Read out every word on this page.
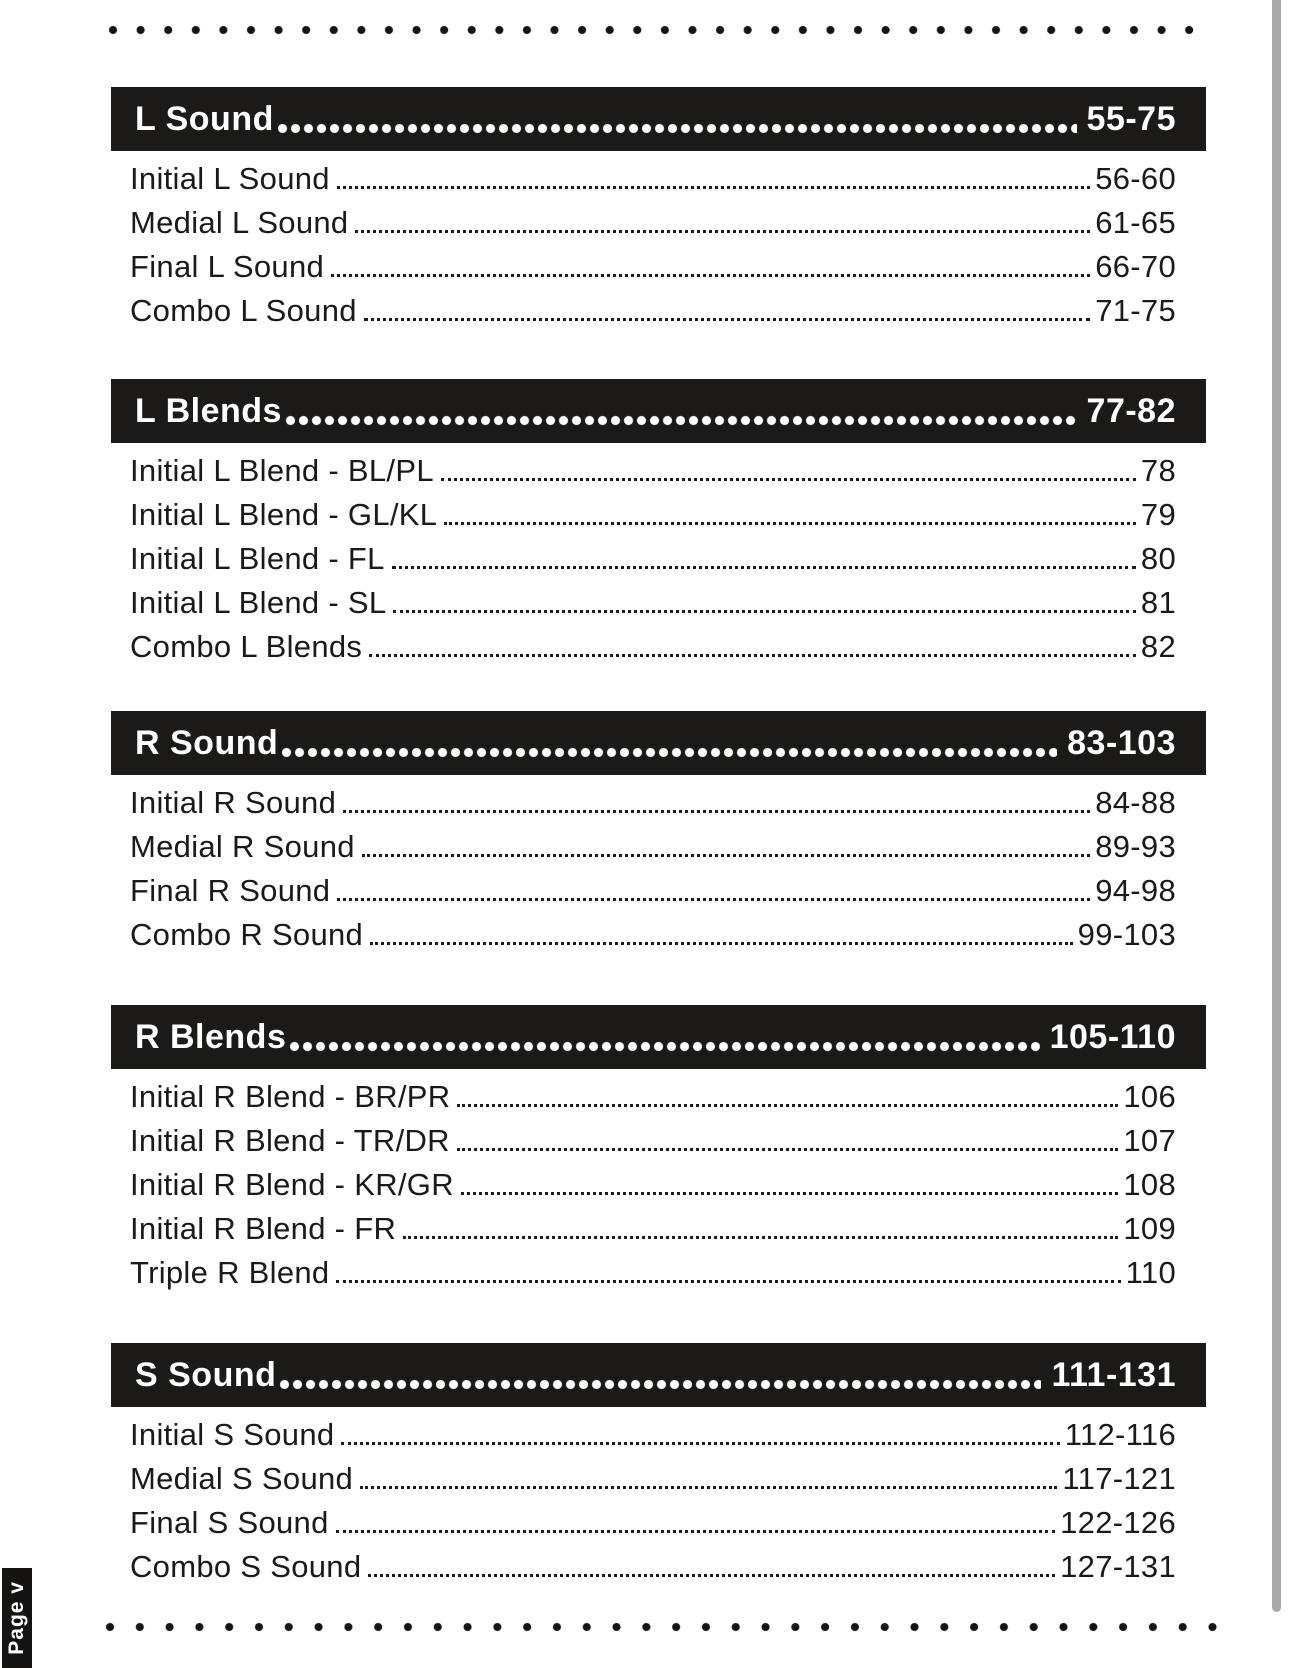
L Sound	55-75
Initial L Sound	56-60
Medial L Sound	61-65
Final L Sound	66-70
Combo L Sound	71-75
L Blends	77-82
Initial L Blend - BL/PL	78
Initial L Blend - GL/KL	79
Initial L Blend - FL	80
Initial L Blend - SL	81
Combo L Blends	82
R Sound	83-103
Initial R Sound	84-88
Medial R Sound	89-93
Final R Sound	94-98
Combo R Sound	99-103
R Blends	105-110
Initial R Blend - BR/PR	106
Initial R Blend - TR/DR	107
Initial R Blend - KR/GR	108
Initial R Blend - FR	109
Triple R Blend	110
S Sound	111-131
Initial S Sound	112-116
Medial S Sound	117-121
Final S Sound	122-126
Combo S Sound	127-131
Page v
